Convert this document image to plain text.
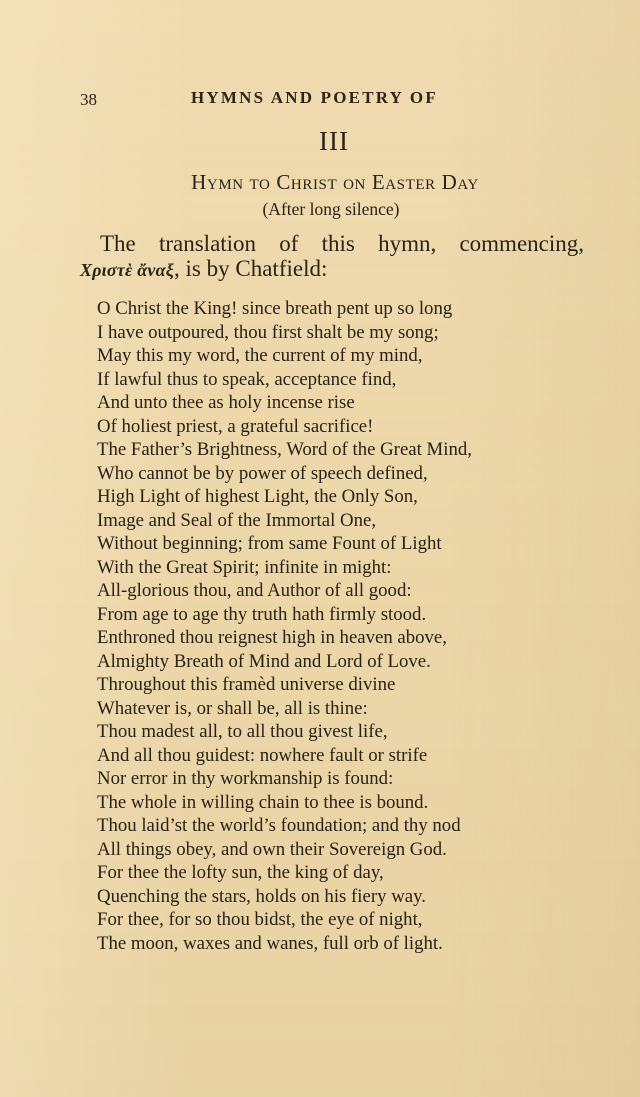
38	HYMNS AND POETRY OF
III
Hymn to Christ on Easter Day
(After long silence)
The translation of this hymn, commencing,
Χριστὲ ἄναξ, is by Chatfield:
O Christ the King! since breath pent up so long
I have outpoured, thou first shalt be my song;
May this my word, the current of my mind,
If lawful thus to speak, acceptance find,
And unto thee as holy incense rise
Of holiest priest, a grateful sacrifice!
The Father’s Brightness, Word of the Great Mind,
Who cannot be by power of speech defined,
High Light of highest Light, the Only Son,
Image and Seal of the Immortal One,
Without beginning; from same Fount of Light
With the Great Spirit; infinite in might:
All-glorious thou, and Author of all good:
From age to age thy truth hath firmly stood.
Enthroned thou reignest high in heaven above,
Almighty Breath of Mind and Lord of Love.
Throughout this framèd universe divine
Whatever is, or shall be, all is thine:
Thou madest all, to all thou givest life,
And all thou guidest: nowhere fault or strife
Nor error in thy workmanship is found:
The whole in willing chain to thee is bound.
Thou laid’st the world’s foundation; and thy nod
All things obey, and own their Sovereign God.
For thee the lofty sun, the king of day,
Quenching the stars, holds on his fiery way.
For thee, for so thou bidst, the eye of night,
The moon, waxes and wanes, full orb of light.
